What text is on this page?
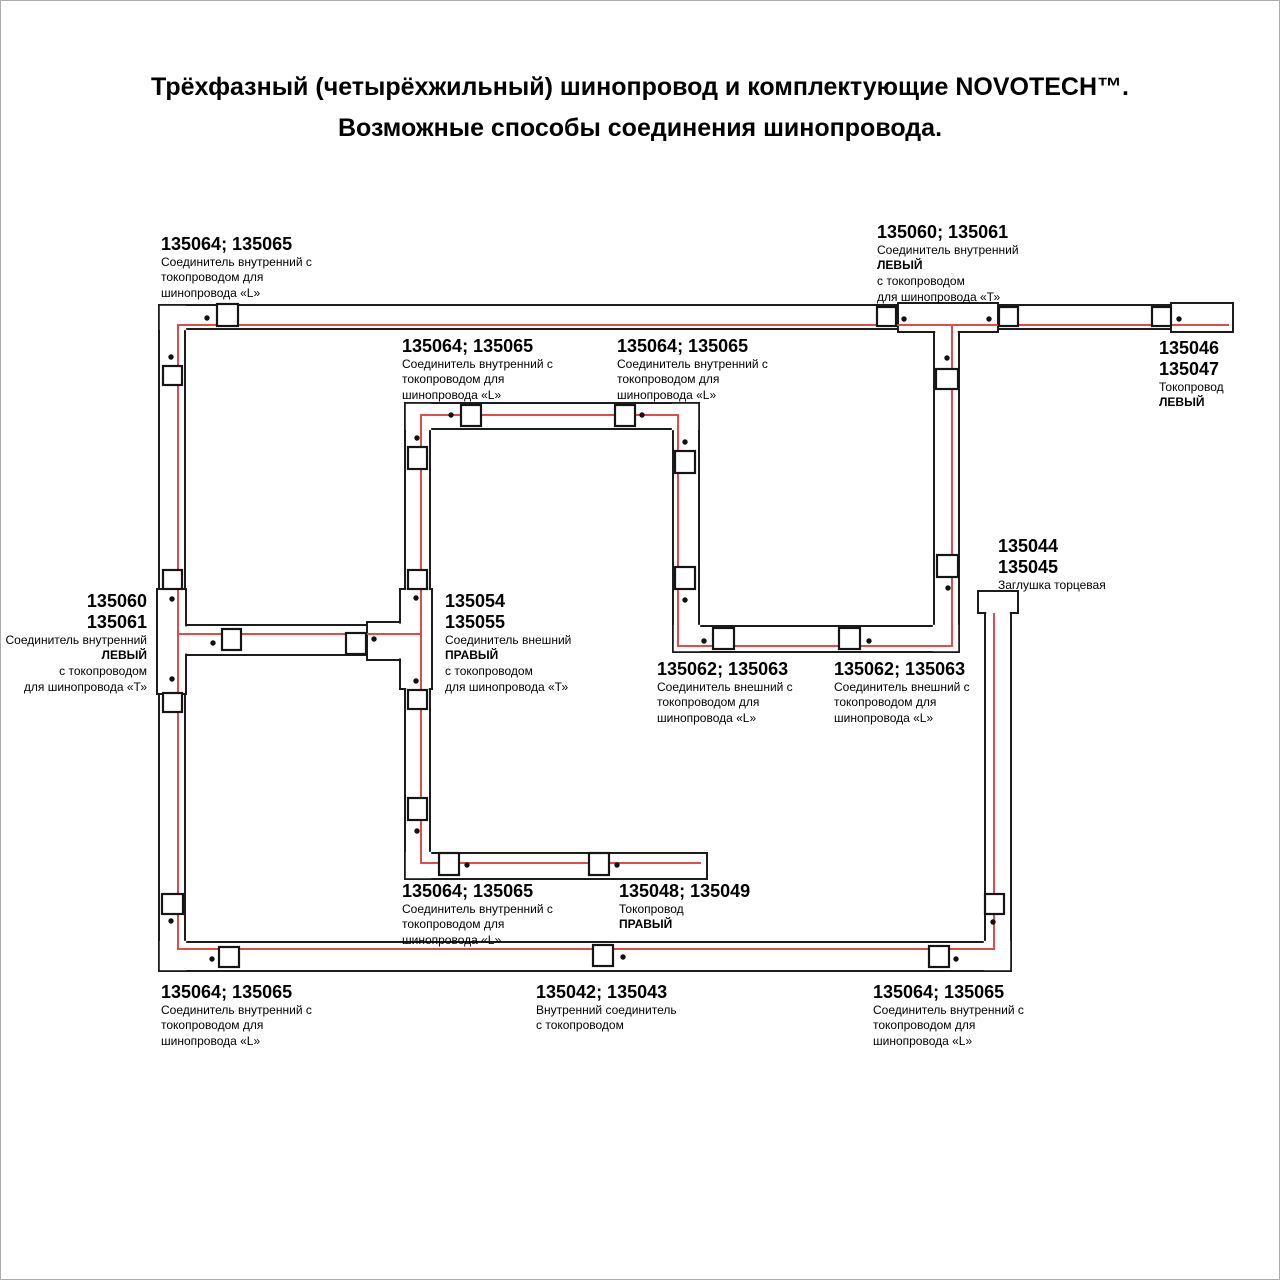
Трёхфазный (четырёхжильный) шинопровод и комплектующие NOVOTECH™.
Возможные способы соединения шинопровода.
135064; 135065
Соединитель внутренний с
токопроводом для
шинопровода «L»
135060; 135061
Соединитель внутренний
ЛЕВЫЙ
с токопроводом
для шинопровода «Т»
135046
135047
Токопровод
ЛЕВЫЙ
135064; 135065
Соединитель внутренний с
токопроводом для
шинопровода «L»
135064; 135065
Соединитель внутренний с
токопроводом для
шинопровода «L»
135060
135061
Соединитель внутренний
ЛЕВЫЙ
с токопроводом
для шинопровода «Т»
135054
135055
Соединитель внешний
ПРАВЫЙ
с токопроводом
для шинопровода «Т»
135044
135045
Заглушка торцевая
135062; 135063
Соединитель внешний с
токопроводом для
шинопровода «L»
135062; 135063
Соединитель внешний с
токопроводом для
шинопровода «L»
135064; 135065
Соединитель внутренний с
токопроводом для
шинопровода «L»
135048; 135049
Токопровод
ПРАВЫЙ
135064; 135065
Соединитель внутренний с
токопроводом для
шинопровода «L»
135042; 135043
Внутренний соединитель
с токопроводом
135064; 135065
Соединитель внутренний с
токопроводом для
шинопровода «L»
